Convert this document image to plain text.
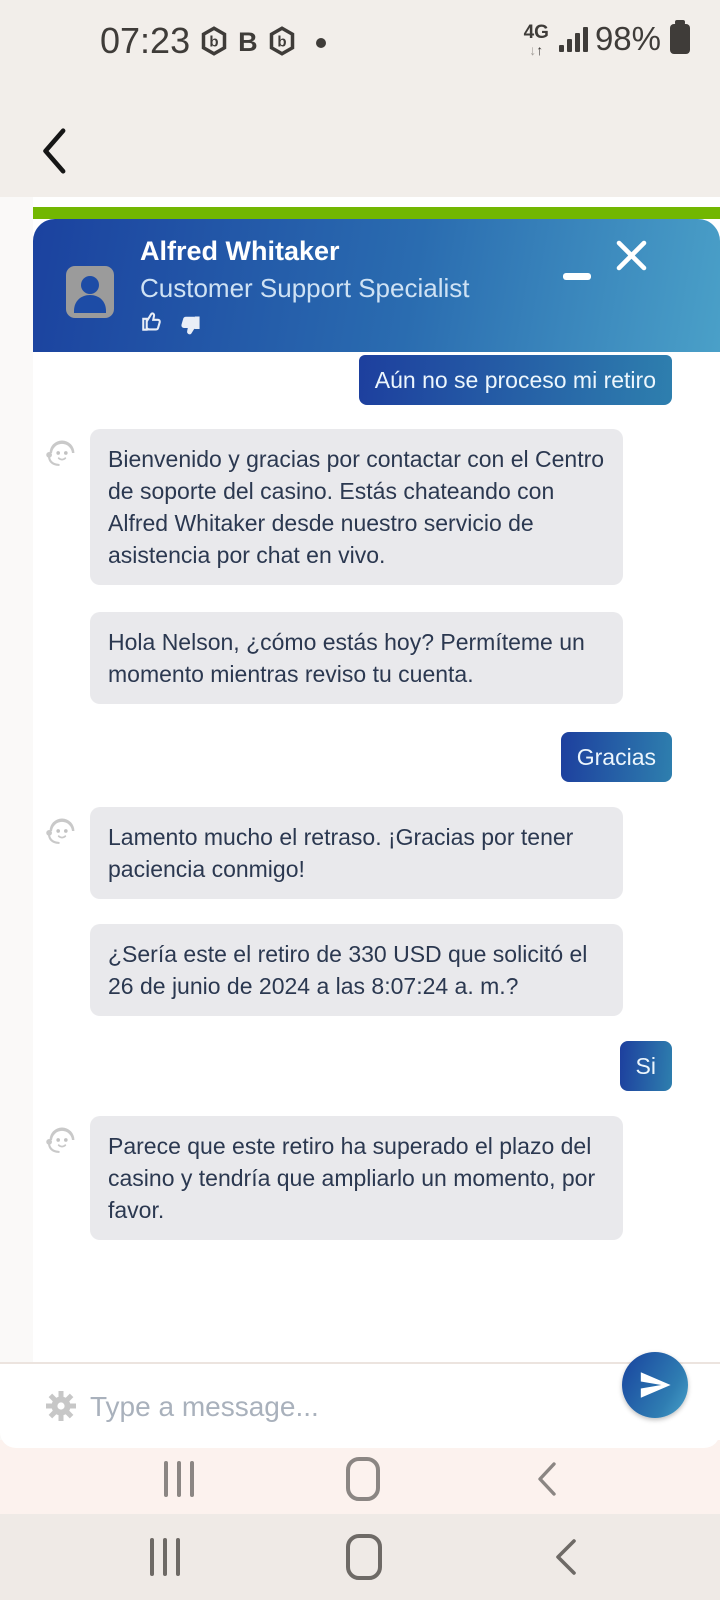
07:23 b B b	4G
↓↑ 98%
Alfred Whitaker
Customer Support Specialist
Aún no se proceso mi retiro
Bienvenido y gracias por contactar con el Centro de soporte del casino. Estás chateando con Alfred Whitaker desde nuestro servicio de asistencia por chat en vivo.
Hola Nelson, ¿cómo estás hoy? Permíteme un momento mientras reviso tu cuenta.
Gracias
Lamento mucho el retraso. ¡Gracias por tener paciencia conmigo!
¿Sería este el retiro de 330 USD que solicitó el 26 de junio de 2024 a las 8:07:24 a. m.?
Si
Parece que este retiro ha superado el plazo del casino y tendría que ampliarlo un momento, por favor.
Type a message...
